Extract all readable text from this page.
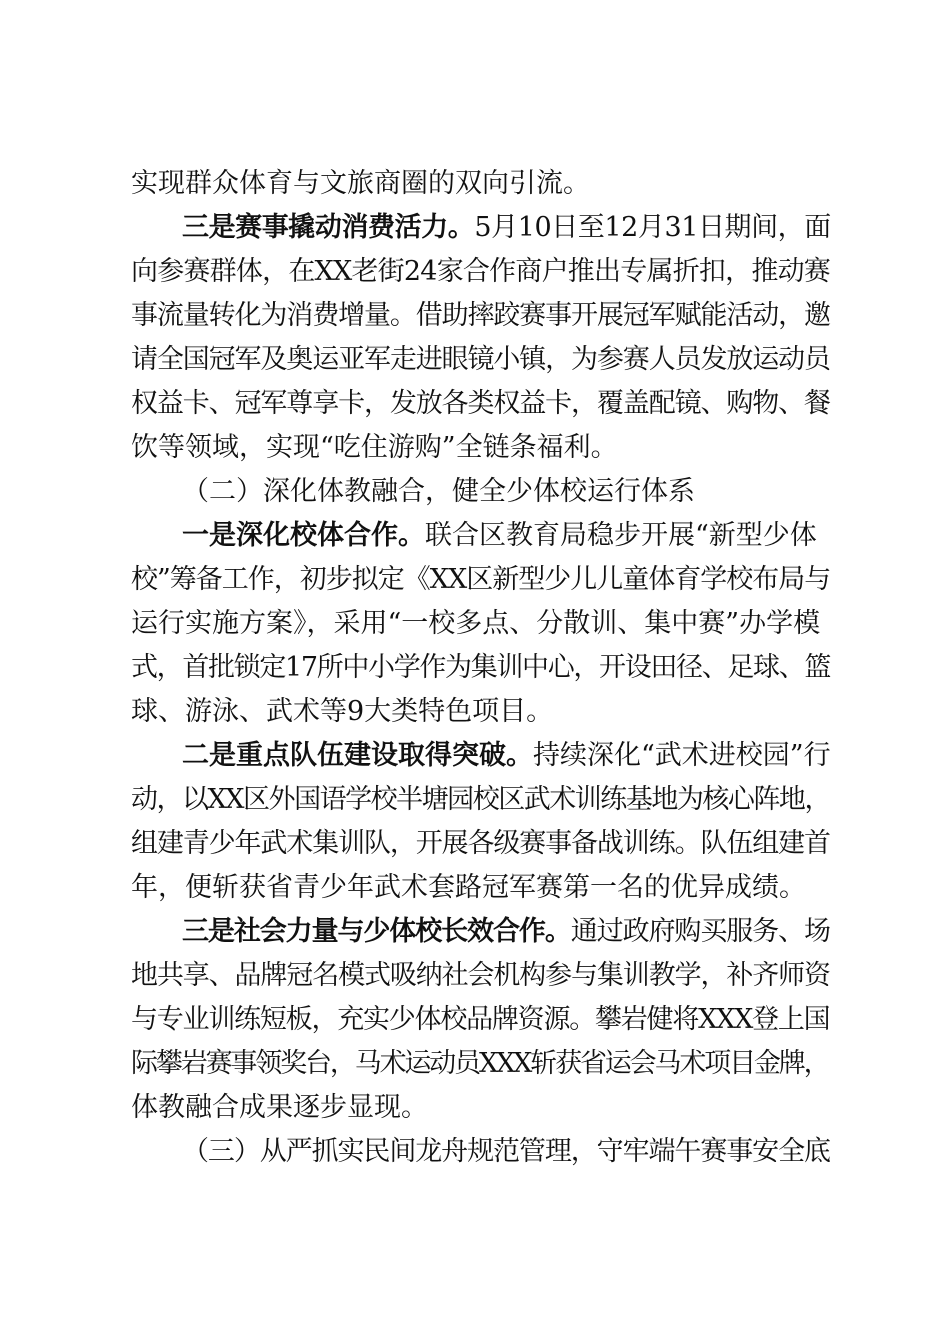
实现群众体育与文旅商圈的双向引流。
三是赛事撬动消费活力。5月10日至12月31日期间，面
向参赛群体，在XX老街24家合作商户推出专属折扣，推动赛
事流量转化为消费增量。借助摔跤赛事开展冠军赋能活动，邀
请全国冠军及奥运亚军走进眼镜小镇，为参赛人员发放运动员
权益卡、冠军尊享卡，发放各类权益卡，覆盖配镜、购物、餐
饮等领域，实现“吃住游购”全链条福利。
（二）深化体教融合，健全少体校运行体系
一是深化校体合作。联合区教育局稳步开展“新型少体
校”筹备工作，初步拟定《XX区新型少儿儿童体育学校布局与
运行实施方案》，采用“一校多点、分散训、集中赛”办学模
式，首批锁定17所中小学作为集训中心，开设田径、足球、篮
球、游泳、武术等9大类特色项目。
二是重点队伍建设取得突破。持续深化“武术进校园”行
动，以XX区外国语学校半塘园校区武术训练基地为核心阵地，
组建青少年武术集训队，开展各级赛事备战训练。队伍组建首
年，便斩获省青少年武术套路冠军赛第一名的优异成绩。
三是社会力量与少体校长效合作。通过政府购买服务、场
地共享、品牌冠名模式吸纳社会机构参与集训教学，补齐师资
与专业训练短板，充实少体校品牌资源。攀岩健将XXX登上国
际攀岩赛事领奖台，马术运动员XXX斩获省运会马术项目金牌，
体教融合成果逐步显现。
（三）从严抓实民间龙舟规范管理，守牢端午赛事安全底
